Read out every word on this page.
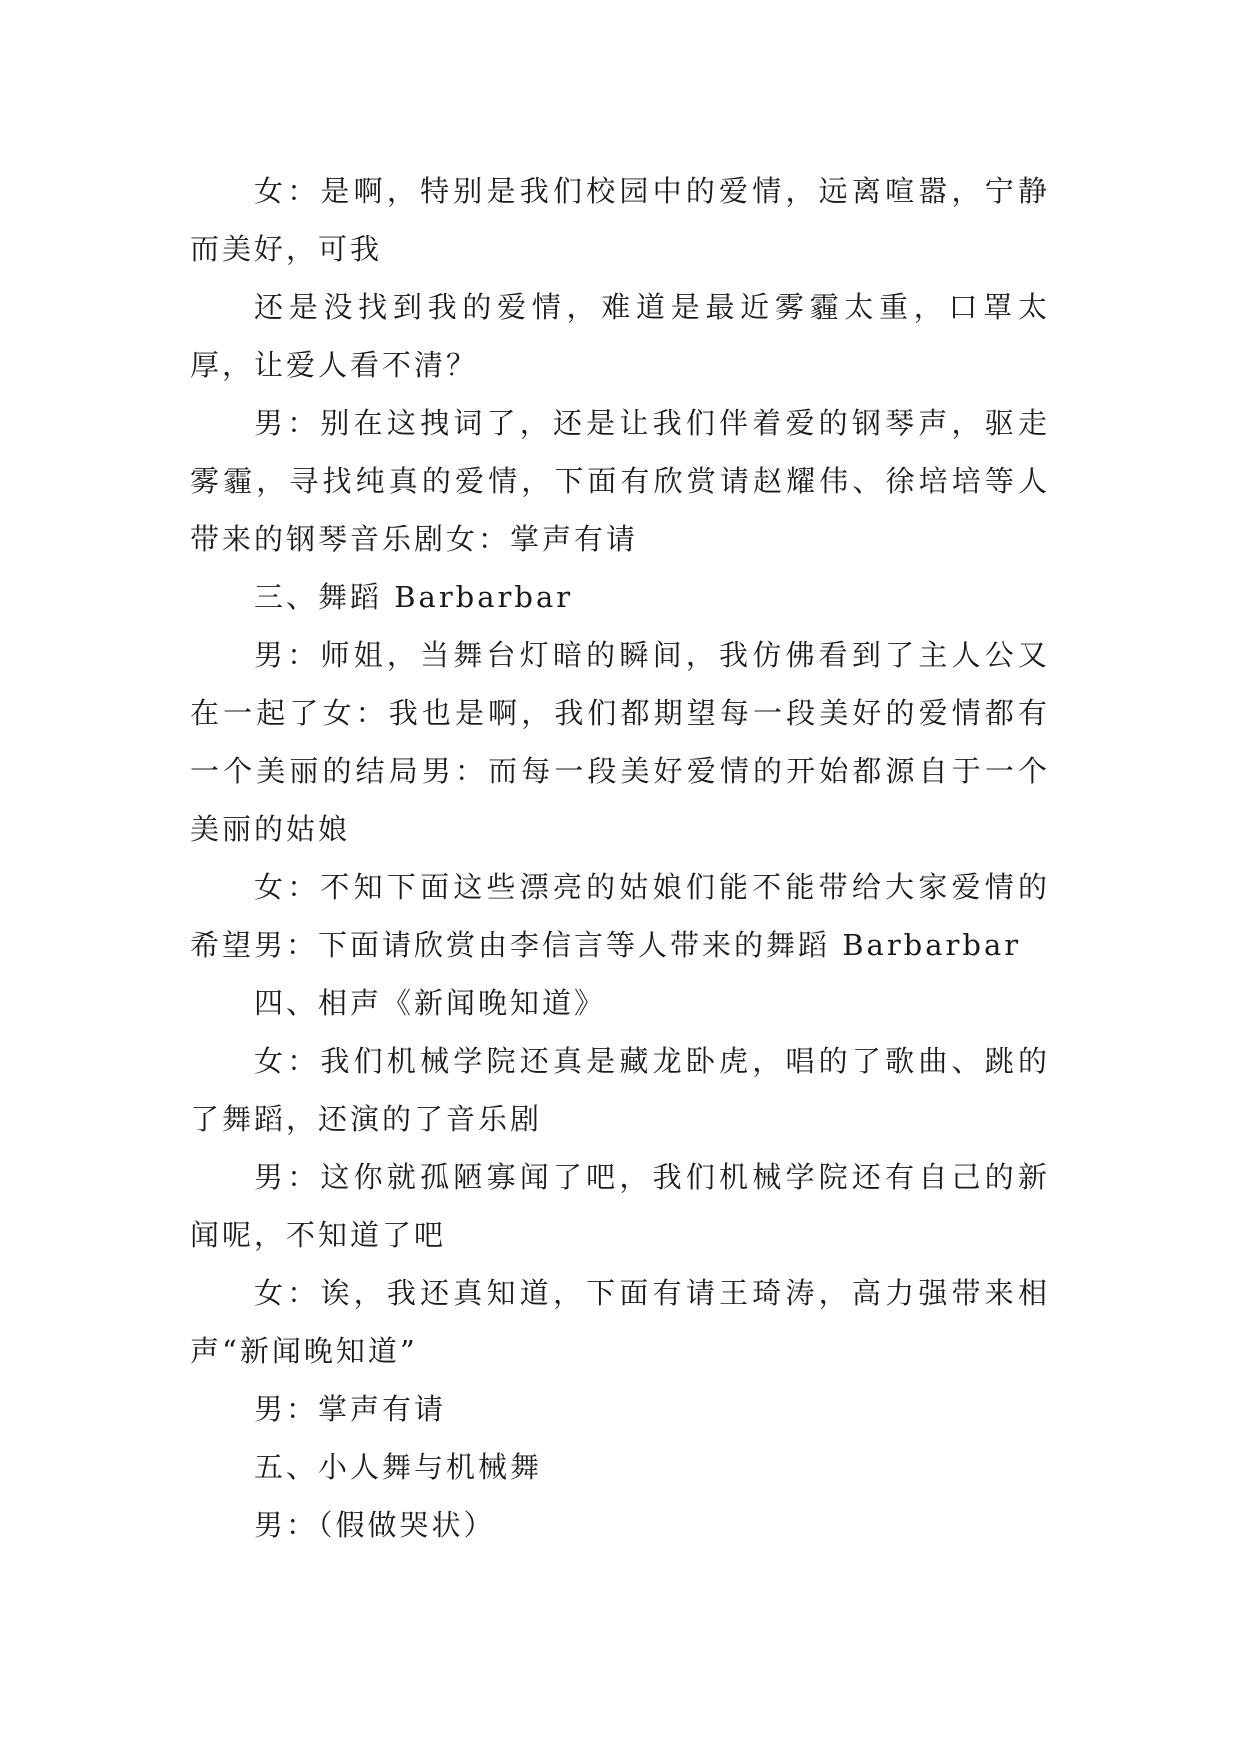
女：是啊，特别是我们校园中的爱情，远离喧嚣，宁静而美好，可我

还是没找到我的爱情，难道是最近雾霾太重，口罩太厚，让爱人看不清？

男：别在这拽词了，还是让我们伴着爱的钢琴声，驱走雾霾，寻找纯真的爱情，下面有欣赏请赵耀伟、徐培培等人带来的钢琴音乐剧女：掌声有请

三、舞蹈 Barbarbar

男：师姐，当舞台灯暗的瞬间，我仿佛看到了主人公又在一起了女：我也是啊，我们都期望每一段美好的爱情都有一个美丽的结局男：而每一段美好爱情的开始都源自于一个美丽的姑娘

女：不知下面这些漂亮的姑娘们能不能带给大家爱情的希望男：下面请欣赏由李信言等人带来的舞蹈 Barbarbar

四、相声《新闻晚知道》

女：我们机械学院还真是藏龙卧虎，唱的了歌曲、跳的了舞蹈，还演的了音乐剧

男：这你就孤陋寡闻了吧，我们机械学院还有自己的新闻呢，不知道了吧

女：诶，我还真知道，下面有请王琦涛，高力强带来相声“新闻晚知道”

男：掌声有请

五、小人舞与机械舞

男：（假做哭状）
